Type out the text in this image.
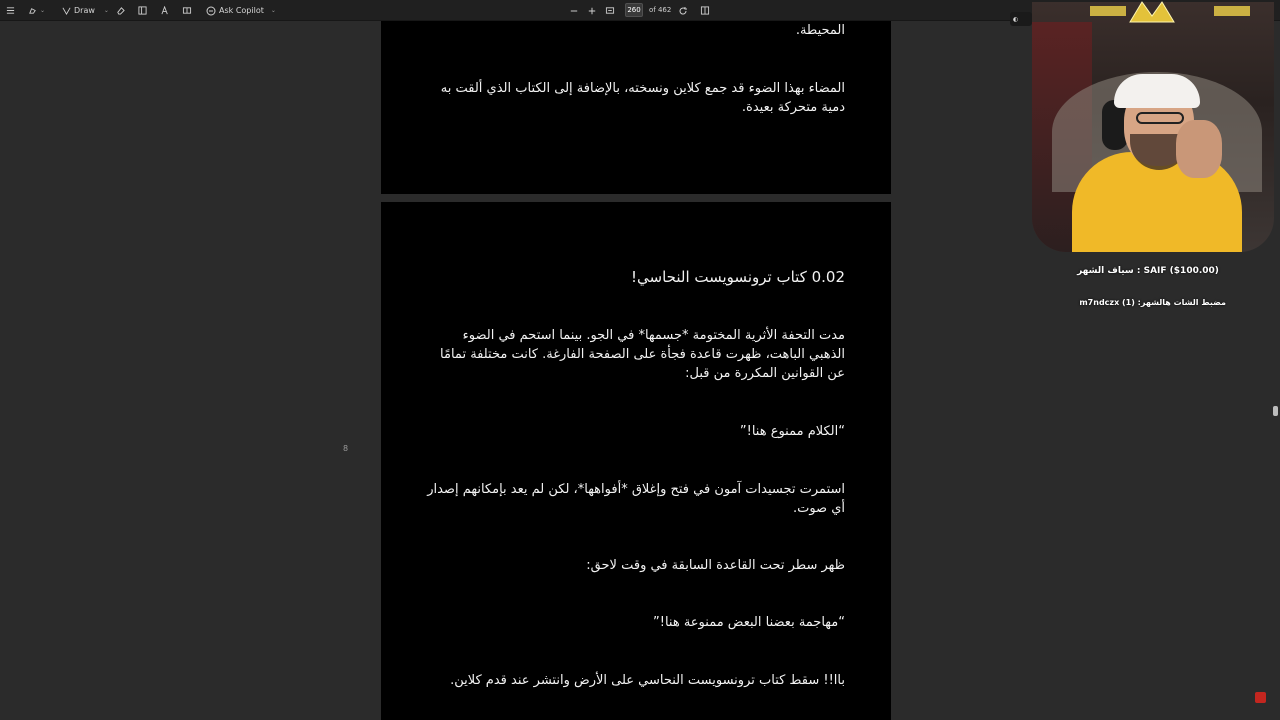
⌄	Draw ⌄	Ask Copilot ⌄	260	of 462
المحيطة.
المضاء بهذا الضوء قد جمع كلاين ونسخته، بالإضافة إلى الكتاب الذي ألقت به دمية متحركة بعيدة.
0.02 كتاب ترونسويست النحاسي!
مدت التحفة الأثرية المختومة *جسمها* في الجو. بينما استحم في الضوء الذهبي الباهت، ظهرت قاعدة فجأة على الصفحة الفارغة. كانت مختلفة تمامًا عن القوانين المكررة من قبل:
“الكلام ممنوع هنا!”
استمرت تجسيدات آمون في فتح وإغلاق *أفواهها*، لكن لم يعد بإمكانهم إصدار أي صوت.
ظهر سطر تحت القاعدة السابقة في وقت لاحق:
“مهاجمة بعضنا البعض ممنوعة هنا!”
باا!! سقط كتاب ترونسويست النحاسي على الأرض وانتشر عند قدم كلاين.
8
◐
SAIF ($100.00) : سياف الشهر
مضبط الشات هالشهر: m7ndczx (1)
